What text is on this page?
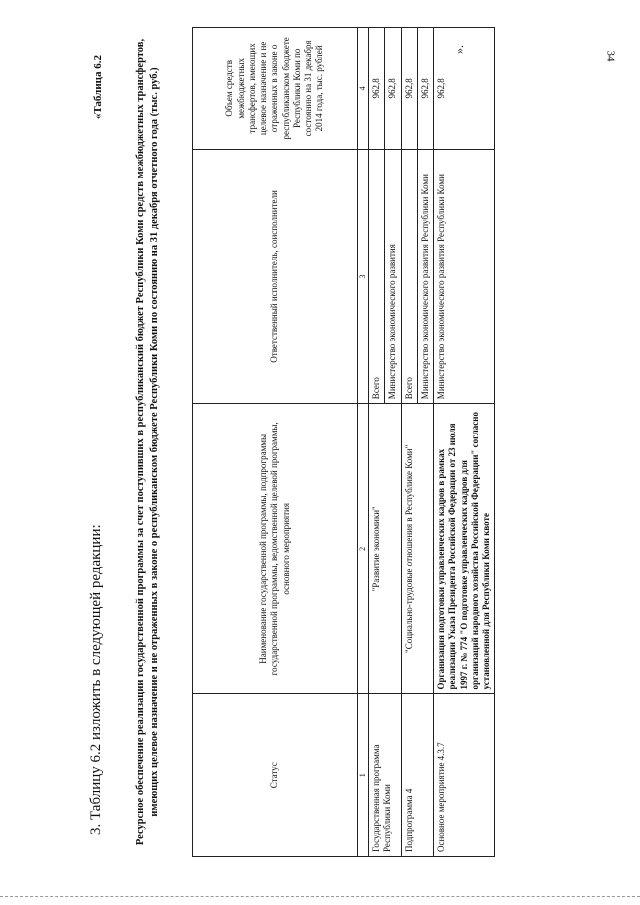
3. Таблицу 6.2 изложить в следующей редакции:
«Таблица 6.2	Ресурсное обеспечение реализации государственной программы за счет поступивших в республиканский бюджет Республики Коми средств межбюджетных трансфертов, имеющих целевое назначение и не отраженных в законе о республиканском бюджете Республики Коми по состоянию на 31 декабря отчетного года (тыс. руб.)	Статус	Наименование государственной программы, подпрограммы государственной программы, ведомственной целевой программы, основного мероприятия	Ответственный исполнитель, соисполнители	Объем средств межбюджетных трансфертов, имеющих целевое назначение и не отраженных в законе о республиканском бюджете Республики Коми по состоянию на 31 декабря 2014 года, тыс. рублей
1	2	3	4
Государственная программа Республики Коми	"Развитие экономики"	Всего	962,8
		Министерство экономического развития	962,8
Подпрограмма 4	"Социально-трудовые отношения в Республике Коми"	Всего	962,8
		Министерство экономического развития Республики Коми	962,8
Основное мероприятие 4.3.7	Организация подготовки управленческих кадров в рамках реализации Указа Президента Российской Федерации от 23 июля 1997 г. № 774 "О подготовке управленческих кадров для организаций народного хозяйства Российской Федерации" согласно установленной для Республики Коми квоте	Министерство экономического развития Республики Коми	962,8
».
34
